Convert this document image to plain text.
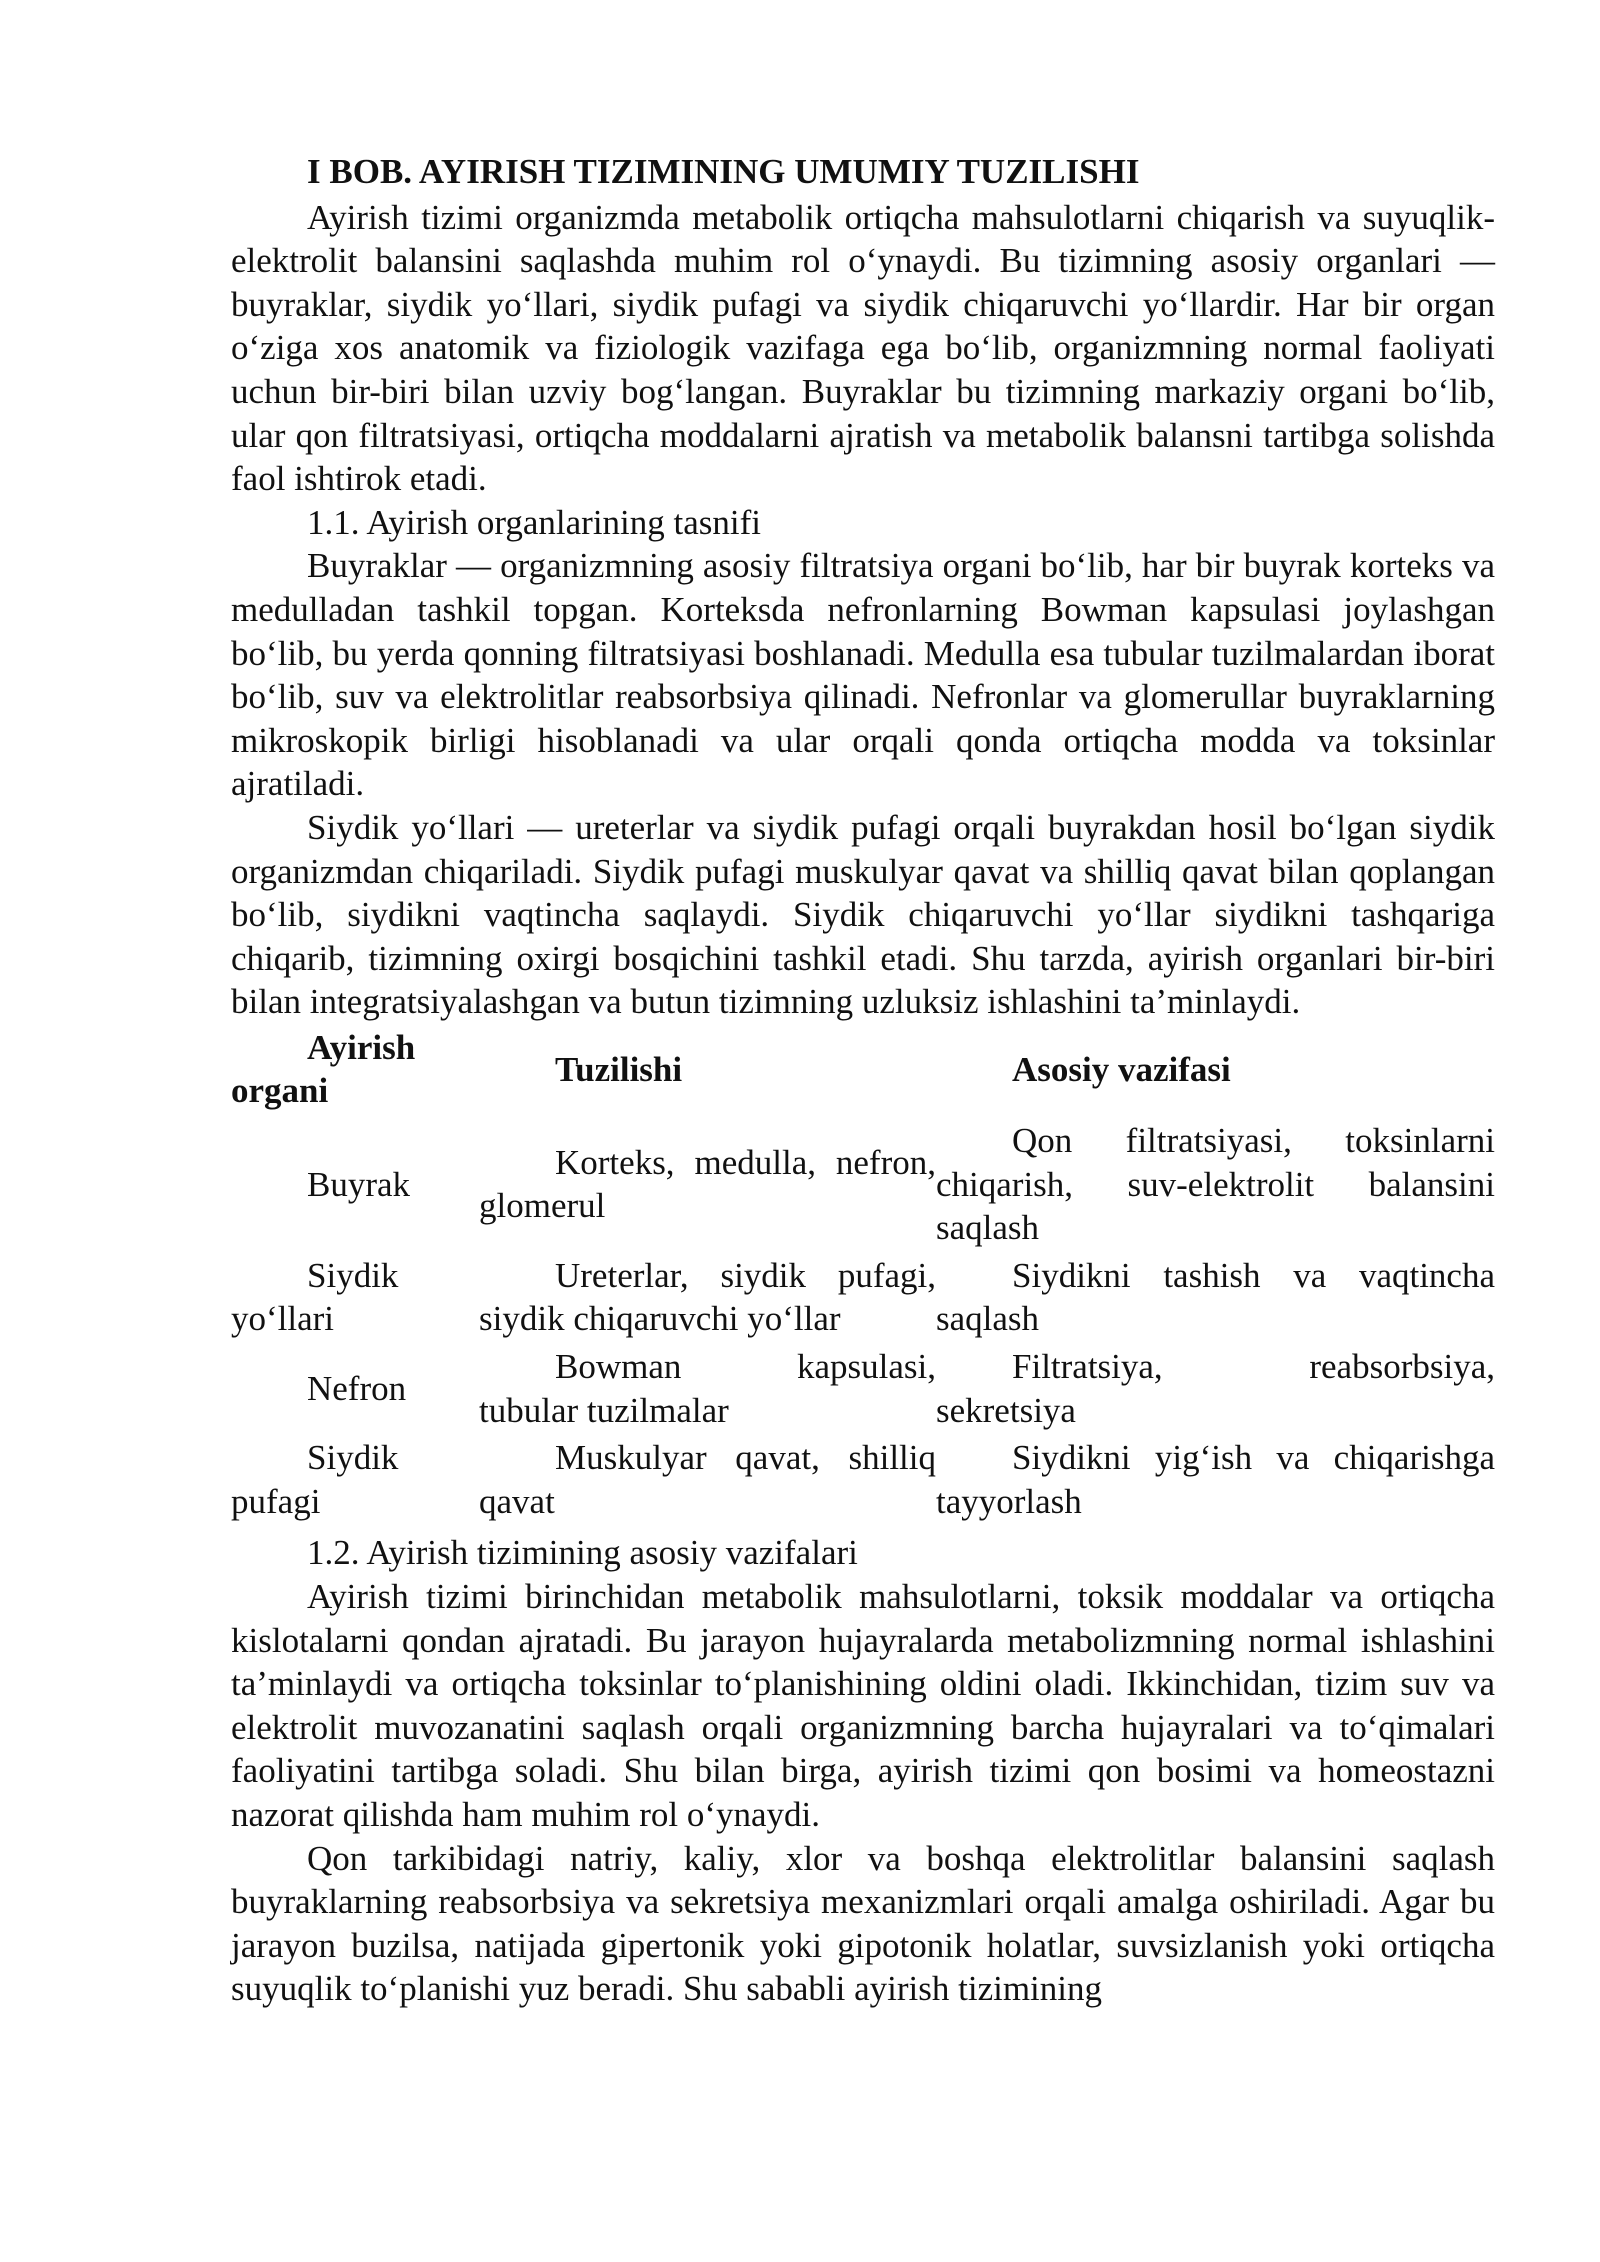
I BOB. AYIRISH TIZIMINING UMUMIY TUZILISHI

Ayirish tizimi organizmda metabolik ortiqcha mahsulotlarni chiqarish va suyuqlik-elektrolit balansini saqlashda muhim rol o‘ynaydi. Bu tizimning asosiy organlari — buyraklar, siydik yo‘llari, siydik pufagi va siydik chiqaruvchi yo‘llardir. Har bir organ o‘ziga xos anatomik va fiziologik vazifaga ega bo‘lib, organizmning normal faoliyati uchun bir-biri bilan uzviy bog‘langan. Buyraklar bu tizimning markaziy organi bo‘lib, ular qon filtratsiyasi, ortiqcha moddalarni ajratish va metabolik balansni tartibga solishda faol ishtirok etadi.

1.1. Ayirish organlarining tasnifi

Buyraklar — organizmning asosiy filtratsiya organi bo‘lib, har bir buyrak korteks va medulladan tashkil topgan. Korteksda nefronlarning Bowman kapsulasi joylashgan bo‘lib, bu yerda qonning filtratsiyasi boshlanadi. Medulla esa tubular tuzilmalardan iborat bo‘lib, suv va elektrolitlar reabsorbsiya qilinadi. Nefronlar va glomerullar buyraklarning mikroskopik birligi hisoblanadi va ular orqali qonda ortiqcha modda va toksinlar ajratiladi.

Siydik yo‘llari — ureterlar va siydik pufagi orqali buyrakdan hosil bo‘lgan siydik organizmdan chiqariladi. Siydik pufagi muskulyar qavat va shilliq qavat bilan qoplangan bo‘lib, siydikni vaqtincha saqlaydi. Siydik chiqaruvchi yo‘llar siydikni tashqariga chiqarib, tizimning oxirgi bosqichini tashkil etadi. Shu tarzda, ayirish organlari bir-biri bilan integratsiyalashgan va butun tizimning uzluksiz ishlashini ta’minlaydi.

Ayirish organi	Tuzilishi	Asosiy vazifasi
Buyrak	Korteks, medulla, nefron, glomerul	Qon filtratsiyasi, toksinlarni chiqarish, suv-elektrolit balansini saqlash
Siydik yo‘llari	Ureterlar, siydik pufagi, siydik chiqaruvchi yo‘llar	Siydikni tashish va vaqtincha saqlash
Nefron	Bowman kapsulasi, tubular tuzilmalar	Filtratsiya, reabsorbsiya, sekretsiya
Siydik pufagi	Muskulyar qavat, shilliq qavat	Siydikni yig‘ish va chiqarishga tayyorlash

1.2. Ayirish tizimining asosiy vazifalari

Ayirish tizimi birinchidan metabolik mahsulotlarni, toksik moddalar va ortiqcha kislotalarni qondan ajratadi. Bu jarayon hujayralarda metabolizmning normal ishlashini ta’minlaydi va ortiqcha toksinlar to‘planishining oldini oladi. Ikkinchidan, tizim suv va elektrolit muvozanatini saqlash orqali organizmning barcha hujayralari va to‘qimalari faoliyatini tartibga soladi. Shu bilan birga, ayirish tizimi qon bosimi va homeostazni nazorat qilishda ham muhim rol o‘ynaydi.

Qon tarkibidagi natriy, kaliy, xlor va boshqa elektrolitlar balansini saqlash buyraklarning reabsorbsiya va sekretsiya mexanizmlari orqali amalga oshiriladi. Agar bu jarayon buzilsa, natijada gipertonik yoki gipotonik holatlar, suvsizlanish yoki ortiqcha suyuqlik to‘planishi yuz beradi. Shu sababli ayirish tizimining
